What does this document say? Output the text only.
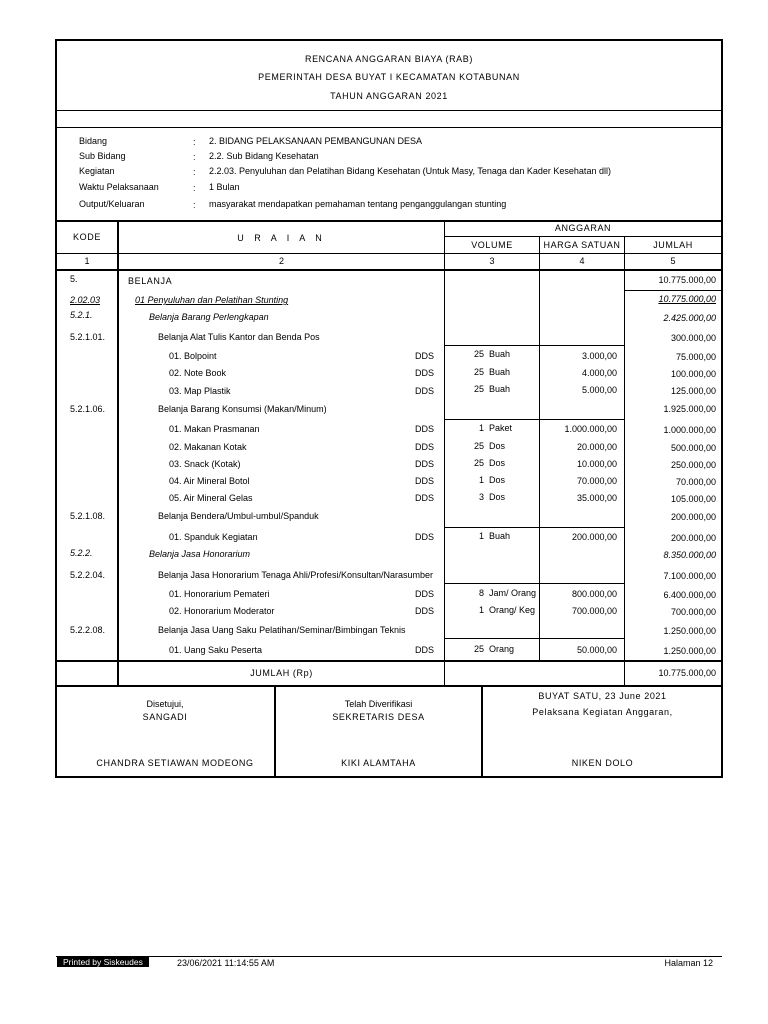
RENCANA ANGGARAN BIAYA (RAB)
PEMERINTAH DESA BUYAT I KECAMATAN KOTABUNAN
TAHUN ANGGARAN 2021
Bidang	: 2. BIDANG PELAKSANAAN PEMBANGUNAN DESA
Sub Bidang	: 2.2. Sub Bidang Kesehatan
Kegiatan	: 2.2.03. Penyuluhan dan Pelatihan Bidang Kesehatan (Untuk Masy, Tenaga dan Kader Kesehatan dll)
Waktu Pelaksanaan	: 1 Bulan
Output/Keluaran	: masyarakat mendapatkan pemahaman tentang penganggulangan stunting
KODE	U R A I A N
ANGGARAN
VOLUME	HARGA SATUAN	JUMLAH
1	2	3	4	5
5.	BELANJA	10.775.000,00
2.02.03	01 Penyuluhan dan Pelatihan Stunting	10.775.000,00
5.2.1.	Belanja Barang Perlengkapan	2.425.000,00
5.2.1.01.	Belanja Alat Tulis Kantor dan Benda Pos	300.000,00
01. Bolpoint	DDS	25 Buah	3.000,00	75.000,00
02. Note Book	DDS	25 Buah	4.000,00	100.000,00
03. Map Plastik	DDS	25 Buah	5.000,00	125.000,00
5.2.1.06.	Belanja Barang Konsumsi (Makan/Minum)	1.925.000,00
01. Makan Prasmanan	DDS	1 Paket	1.000.000,00	1.000.000,00
02. Makanan Kotak	DDS	25 Dos	20.000,00	500.000,00
03. Snack (Kotak)	DDS	25 Dos	10.000,00	250.000,00
04. Air Mineral Botol	DDS	1 Dos	70.000,00	70.000,00
05. Air Mineral Gelas	DDS	3 Dos	35.000,00	105.000,00
5.2.1.08.	Belanja Bendera/Umbul-umbul/Spanduk	200.000,00
01. Spanduk Kegiatan	DDS	1 Buah	200.000,00	200.000,00
5.2.2.	Belanja Jasa Honorarium	8.350.000,00
5.2.2.04.	Belanja Jasa Honorarium Tenaga Ahli/Profesi/Konsultan/Narasumber	7.100.000,00
01. Honorarium Pemateri	DDS	8 Jam/ Orang	800.000,00	6.400.000,00
02. Honorarium Moderator	DDS	1 Orang/ Keg	700.000,00	700.000,00
5.2.2.08.	Belanja Jasa Uang Saku Pelatihan/Seminar/Bimbingan Teknis	1.250.000,00
01. Uang Saku Peserta	DDS	25 Orang	50.000,00	1.250.000,00
JUMLAH (Rp)	10.775.000,00
Disetujui,
SANGADI
CHANDRA SETIAWAN MODEONG
Telah Diverifikasi
SEKRETARIS DESA
KIKI ALAMTAHA
BUYAT SATU, 23 June 2021
Pelaksana Kegiatan Anggaran,
NIKEN DOLO
Printed by Siskeudes	23/06/2021 11:14:55 AM	Halaman 12
